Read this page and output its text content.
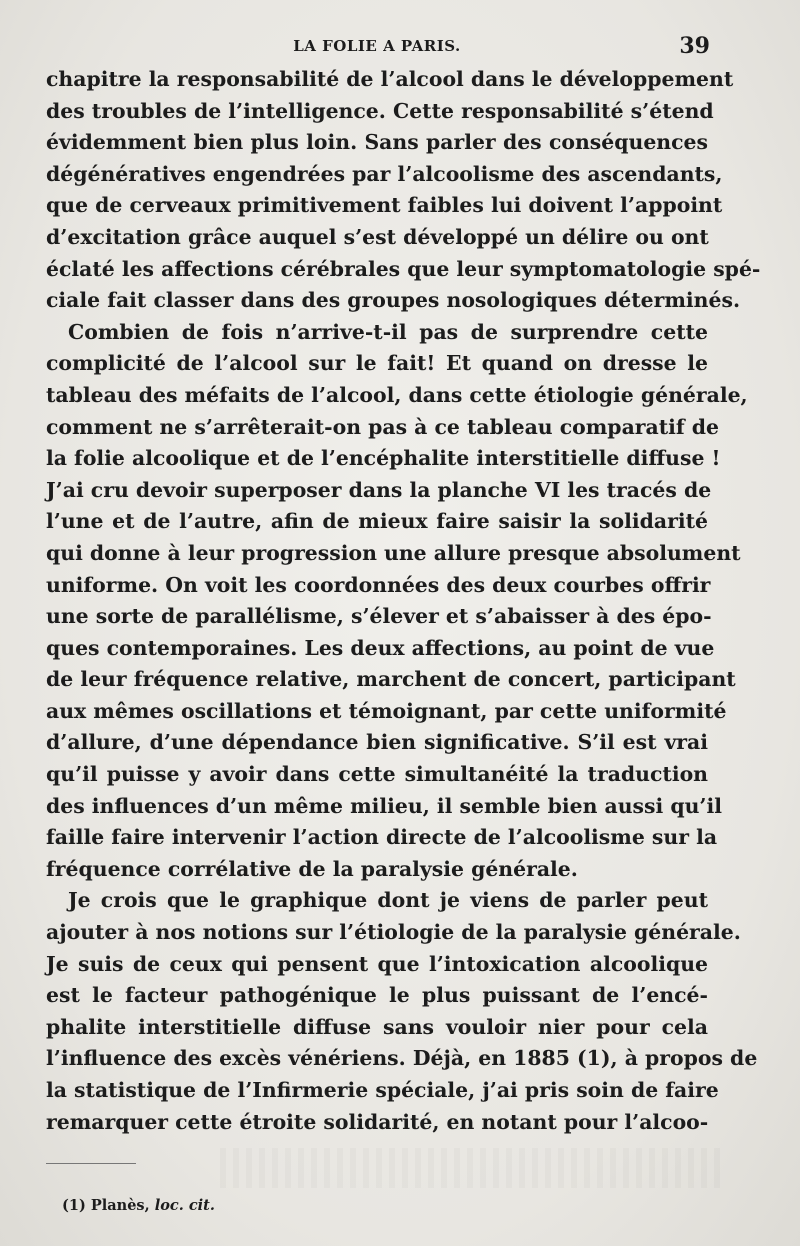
LA FOLIE A PARIS.	39
chapitre la responsabilité de l’alcool dans le développement
des troubles de l’intelligence. Cette responsabilité s’étend
évidemment bien plus loin. Sans parler des conséquences
dégénératives engendrées par l’alcoolisme des ascendants,
que de cerveaux primitivement faibles lui doivent l’appoint
d’excitation grâce auquel s’est développé un délire ou ont
éclaté les affections cérébrales que leur symptomatologie spé-
ciale fait classer dans des groupes nosologiques déterminés.
Combien de fois n’arrive-t-il pas de surprendre cette
complicité de l’alcool sur le fait! Et quand on dresse le
tableau des méfaits de l’alcool, dans cette étiologie générale,
comment ne s’arrêterait-on pas à ce tableau comparatif de
la folie alcoolique et de l’encéphalite interstitielle diffuse !
J’ai cru devoir superposer dans la planche VI les tracés de
l’une et de l’autre, afin de mieux faire saisir la solidarité
qui donne à leur progression une allure presque absolument
uniforme. On voit les coordonnées des deux courbes offrir
une sorte de parallélisme, s’élever et s’abaisser à des épo-
ques contemporaines. Les deux affections, au point de vue
de leur fréquence relative, marchent de concert, participant
aux mêmes oscillations et témoignant, par cette uniformité
d’allure, d’une dépendance bien significative. S’il est vrai
qu’il puisse y avoir dans cette simultanéité la traduction
des influences d’un même milieu, il semble bien aussi qu’il
faille faire intervenir l’action directe de l’alcoolisme sur la
fréquence corrélative de la paralysie générale.
Je crois que le graphique dont je viens de parler peut
ajouter à nos notions sur l’étiologie de la paralysie générale.
Je suis de ceux qui pensent que l’intoxication alcoolique
est le facteur pathogénique le plus puissant de l’encé-
phalite interstitielle diffuse sans vouloir nier pour cela
l’influence des excès vénériens. Déjà, en 1885 (1), à propos de
la statistique de l’Infirmerie spéciale, j’ai pris soin de faire
remarquer cette étroite solidarité, en notant pour l’alcoo-
(1) Planès, loc. cit.
